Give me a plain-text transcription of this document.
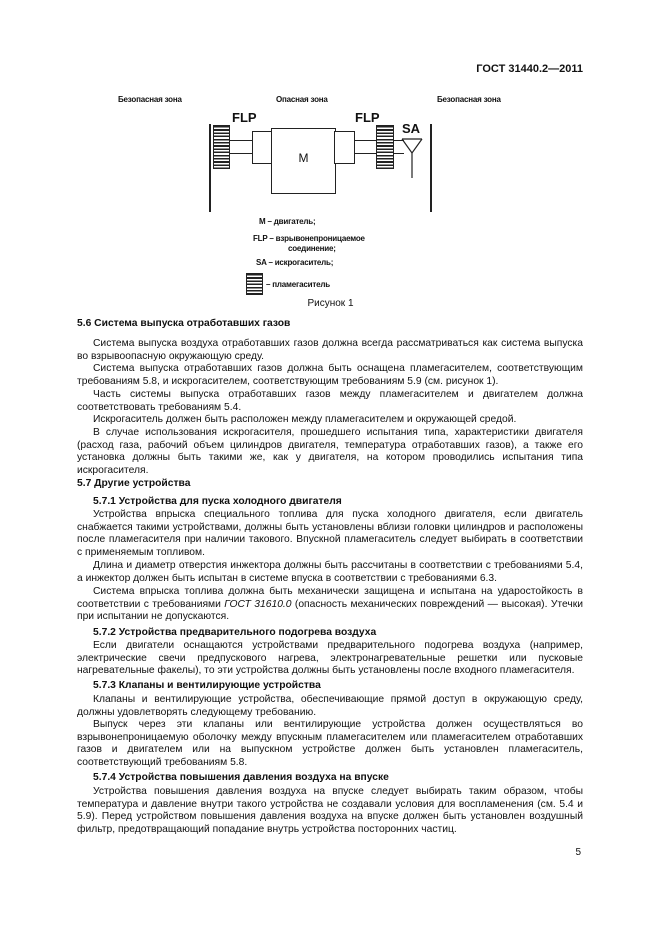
ГОСТ 31440.2—2011
Безопасная зона	Опасная зона	Безопасная зона
FLP	FLP
SA
M
M – двигатель;
FLP – взрывонепроницаемое
соединение;
SA – искрогаситель;
– пламегаситель
Рисунок 1
5.6 Система выпуска отработавших газов
Система выпуска воздуха отработавших газов должна всегда рассматриваться как система выпуска во взрывоопасную окружающую среду.
Система выпуска отработавших газов должна быть оснащена пламегасителем, соответствующим требованиям 5.8, и искрогасителем, соответствующим требованиям 5.9 (см. рисунок 1).
Часть системы выпуска отработавших газов между пламегасителем и двигателем должна соответствовать требованиям 5.4.
Искрогаситель должен быть расположен между пламегасителем и окружающей средой.
В случае использования искрогасителя, прошедшего испытания типа, характеристики двигателя (расход газа, рабочий объем цилиндров двигателя, температура отработавших газов), а также его установка должны быть такими же, как у двигателя, на котором проводились испытания типа искрогасителя.
5.7 Другие устройства
5.7.1 Устройства для пуска холодного двигателя
Устройства впрыска специального топлива для пуска холодного двигателя, если двигатель снабжается такими устройствами, должны быть установлены вблизи головки цилиндров и расположены после пламегасителя при наличии такового. Впускной пламегаситель следует выбирать в соответствии с применяемым топливом.
Длина и диаметр отверстия инжектора должны быть рассчитаны в соответствии с требованиями 5.4, а инжектор должен быть испытан в системе впуска в соответствии с требованиями 6.3.
Система впрыска топлива должна быть механически защищена и испытана на ударостойкость в соответствии с требованиями ГОСТ 31610.0 (опасность механических повреждений — высокая). Утечки при испытании не допускаются.
5.7.2 Устройства предварительного подогрева воздуха
Если двигатели оснащаются устройствами предварительного подогрева воздуха (например, электрические свечи предпускового нагрева, электронагревательные решетки или пусковые нагревательные факелы), то эти устройства должны быть установлены после входного пламегасителя.
5.7.3 Клапаны и вентилирующие устройства
Клапаны и вентилирующие устройства, обеспечивающие прямой доступ в окружающую среду, должны удовлетворять следующему требованию.
Выпуск через эти клапаны или вентилирующие устройства должен осуществляться во взрывонепроницаемую оболочку между впускным пламегасителем или пламегасителем отработавших газов и двигателем или на выпускном устройстве должен быть установлен пламегаситель, соответствующий требованиям 5.8.
5.7.4 Устройства повышения давления воздуха на впуске
Устройства повышения давления воздуха на впуске следует выбирать таким образом, чтобы температура и давление внутри такого устройства не создавали условия для воспламенения (см. 5.4 и 5.9). Перед устройством повышения давления воздуха на впуске должен быть установлен воздушный фильтр, предотвращающий попадание внутрь устройства посторонних частиц.
5
